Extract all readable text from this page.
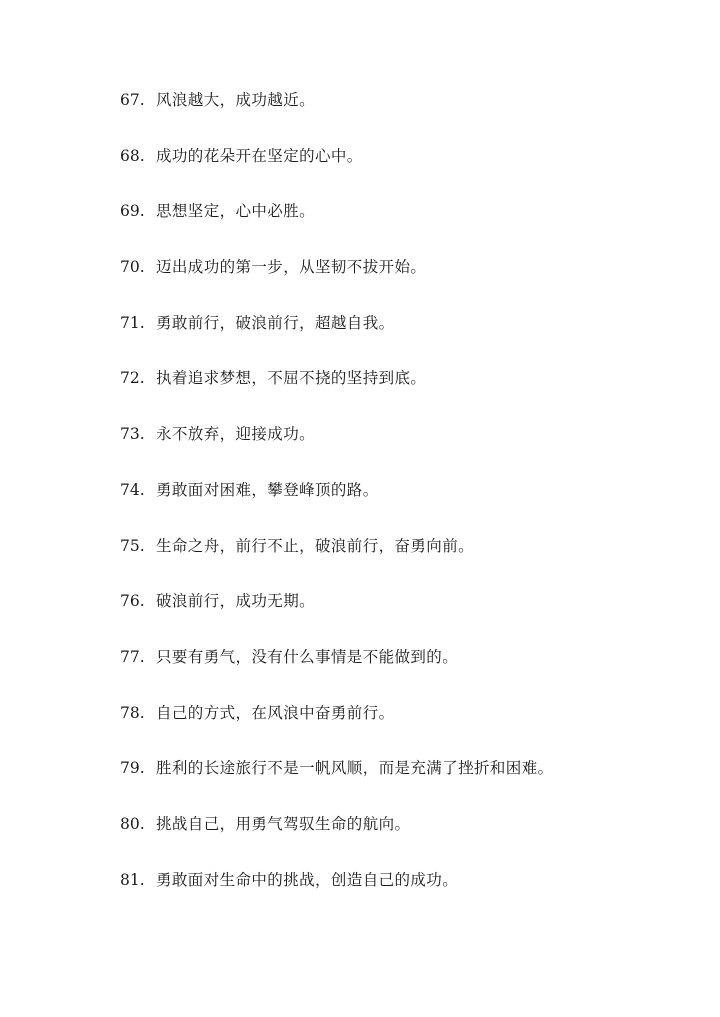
67. 风浪越大，成功越近。
68. 成功的花朵开在坚定的心中。
69. 思想坚定，心中必胜。
70. 迈出成功的第一步，从坚韧不拔开始。
71. 勇敢前行，破浪前行，超越自我。
72. 执着追求梦想，不屈不挠的坚持到底。
73. 永不放弃，迎接成功。
74. 勇敢面对困难，攀登峰顶的路。
75. 生命之舟，前行不止，破浪前行，奋勇向前。
76. 破浪前行，成功无期。
77. 只要有勇气，没有什么事情是不能做到的。
78. 自己的方式，在风浪中奋勇前行。
79. 胜利的长途旅行不是一帆风顺，而是充满了挫折和困难。
80. 挑战自己，用勇气驾驭生命的航向。
81. 勇敢面对生命中的挑战，创造自己的成功。
